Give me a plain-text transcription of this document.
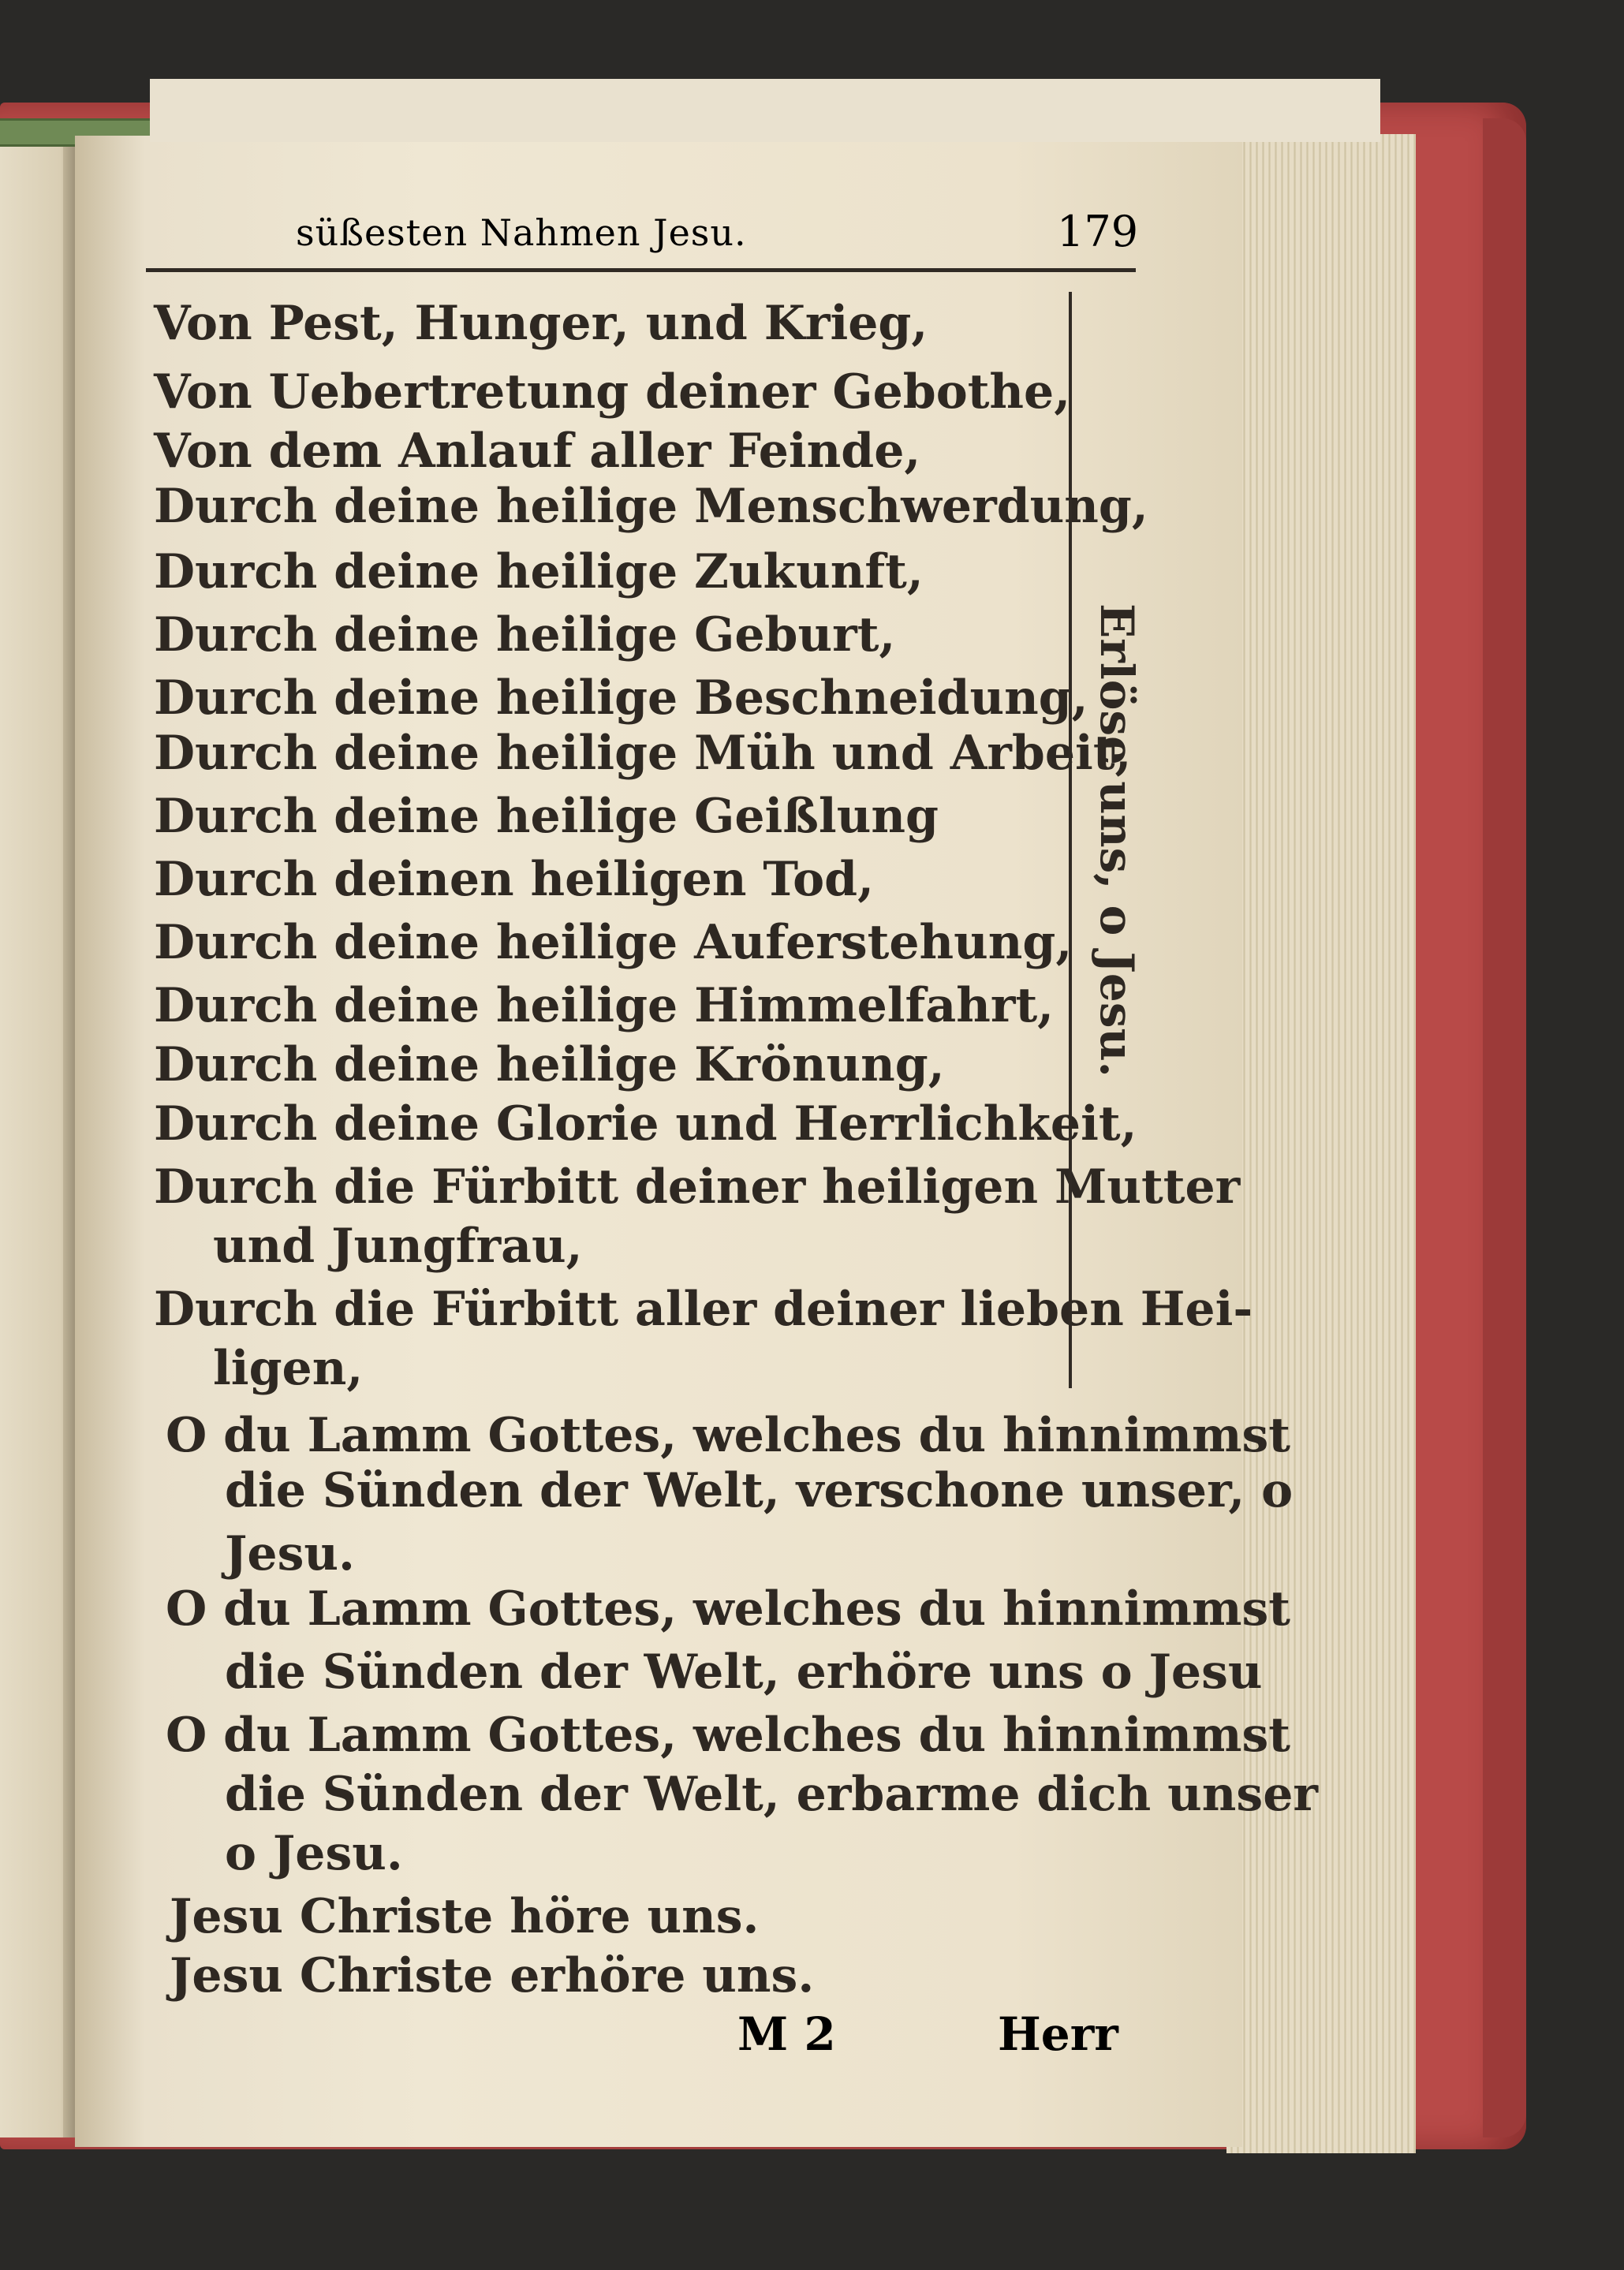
süßesten Nahmen Jesu.	179
Von Pest, Hunger, und Krieg,
Von Uebertretung deiner Gebothe,
Von dem Anlauf aller Feinde,
Durch deine heilige Menschwerdung,
Durch deine heilige Zukunft,
Durch deine heilige Geburt,
Durch deine heilige Beschneidung,
Durch deine heilige Müh und Arbeit,
Durch deine heilige Geißlung
Durch deinen heiligen Tod,
Durch deine heilige Auferstehung,
Durch deine heilige Himmelfahrt,
Durch deine heilige Krönung,
Durch deine Glorie und Herrlichkeit,
Durch die Fürbitt deiner heiligen Mutter
und Jungfrau,
Durch die Fürbitt aller deiner lieben Hei-
ligen,
O du Lamm Gottes, welches du hinnimmst
die Sünden der Welt, verschone unser, o
Jesu.
O du Lamm Gottes, welches du hinnimmst
die Sünden der Welt, erhöre uns o Jesu
O du Lamm Gottes, welches du hinnimmst
die Sünden der Welt, erbarme dich unser
o Jesu.
Jesu Christe höre uns.
Jesu Christe erhöre uns.
Erlöse uns, o Jesu.
M 2	Herr
